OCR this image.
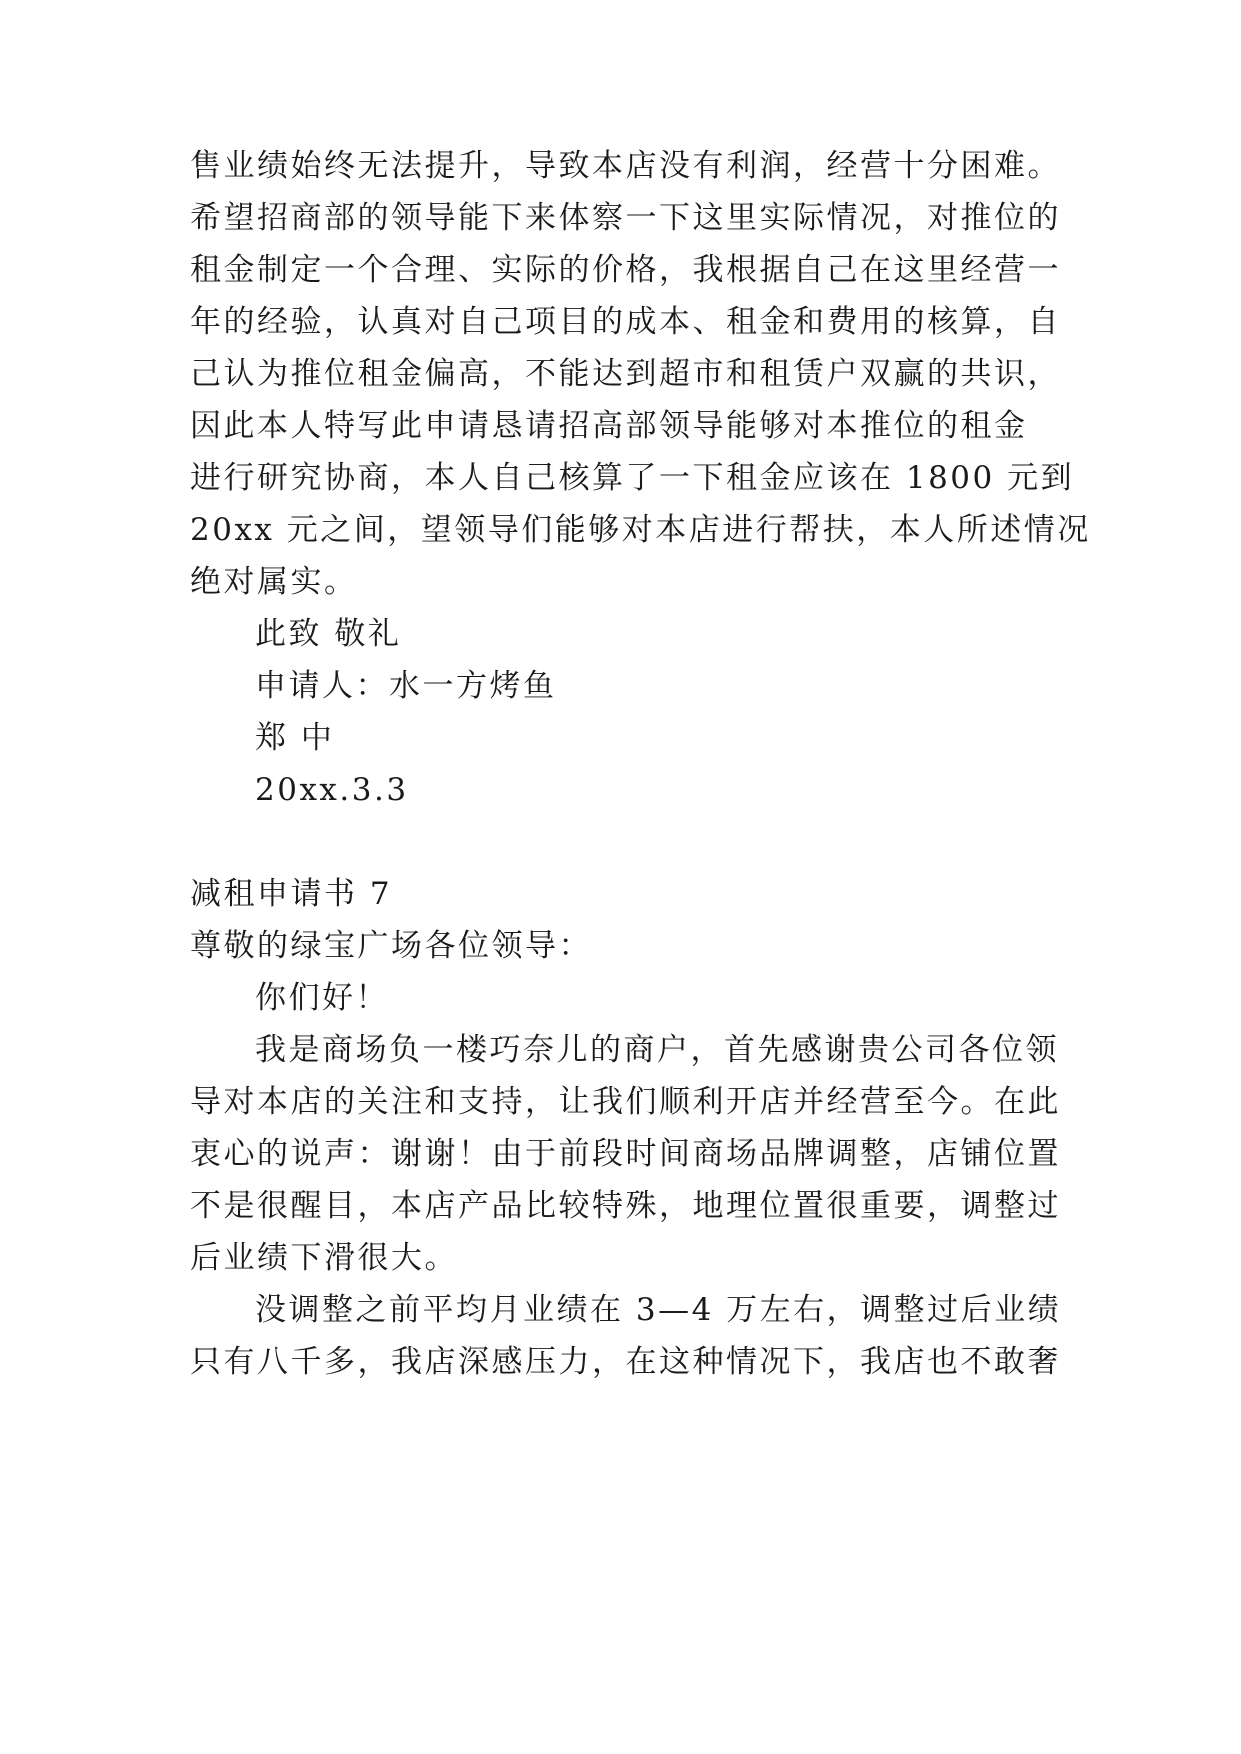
售业绩始终无法提升，导致本店没有利润，经营十分困难。
希望招商部的领导能下来体察一下这里实际情况，对推位的
租金制定一个合理、实际的价格，我根据自己在这里经营一
年的经验，认真对自己项目的成本、租金和费用的核算，自
己认为推位租金偏高，不能达到超市和租赁户双赢的共识，
因此本人特写此申请恳请招高部领导能够对本推位的租金
进行研究协商，本人自己核算了一下租金应该在 1800 元到
20xx 元之间，望领导们能够对本店进行帮扶，本人所述情况
绝对属实。
此致 敬礼
申请人：水一方烤鱼
郑 中
20xx.3.3
减租申请书 7
尊敬的绿宝广场各位领导：
你们好！
我是商场负一楼巧奈儿的商户，首先感谢贵公司各位领
导对本店的关注和支持，让我们顺利开店并经营至今。在此
衷心的说声：谢谢！由于前段时间商场品牌调整，店铺位置
不是很醒目，本店产品比较特殊，地理位置很重要，调整过
后业绩下滑很大。
没调整之前平均月业绩在 3—4 万左右，调整过后业绩
只有八千多，我店深感压力，在这种情况下，我店也不敢奢
